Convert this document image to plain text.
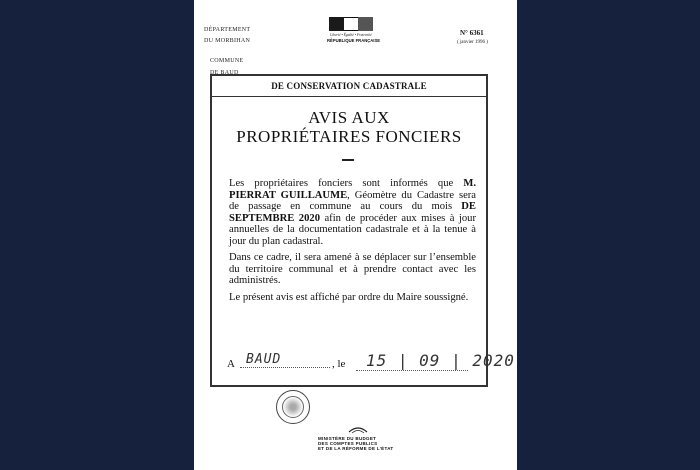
DÉPARTEMENT
DU MORBIHAN
COMMUNE
DE BAUD
Liberté • Égalité • Fraternité
RÉPUBLIQUE FRANÇAISE
N° 6361
( janvier 1996 )
DE CONSERVATION CADASTRALE
AVIS AUX
PROPRIÉTAIRES FONCIERS

Les propriétaires fonciers sont informés que M. PIERRAT GUILLAUME, Géomètre du Cadastre sera de passage en commune au cours du mois DE SEPTEMBRE 2020 afin de procéder aux mises à jour annuelles de la documentation cadastrale et à la tenue à jour du plan cadastral.

Dans ce cadre, il sera amené à se déplacer sur l’ensemble du territoire communal et à prendre contact avec les administrés.

Le présent avis est affiché par ordre du Maire soussigné.

A BAUD	, le 15 | 09 | 2020
MINISTÈRE DU BUDGET
DES COMPTES PUBLICS
ET DE LA RÉFORME DE L’ÉTAT
